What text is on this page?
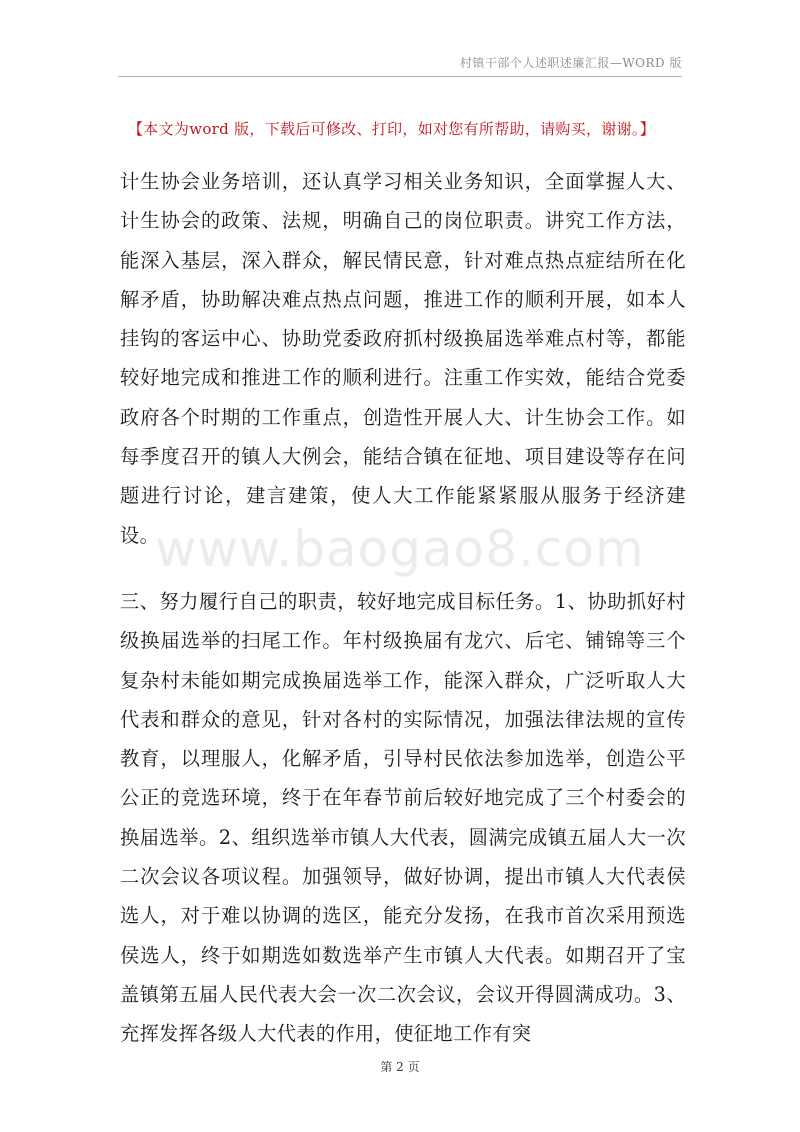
村镇干部个人述职述廉汇报—WORD 版
【本文为word 版，下载后可修改、打印，如对您有所帮助，请购买，谢谢。】
www.baogao8.com
计生协会业务培训，还认真学习相关业务知识，全面掌握人大、计生协会的政策、法规，明确自己的岗位职责。讲究工作方法，能深入基层，深入群众，解民情民意，针对难点热点症结所在化解矛盾，协助解决难点热点问题，推进工作的顺利开展，如本人挂钩的客运中心、协助党委政府抓村级换届选举难点村等，都能较好地完成和推进工作的顺利进行。注重工作实效，能结合党委政府各个时期的工作重点，创造性开展人大、计生协会工作。如每季度召开的镇人大例会，能结合镇在征地、项目建设等存在问题进行讨论，建言建策，使人大工作能紧紧服从服务于经济建设。
三、努力履行自己的职责，较好地完成目标任务。1、协助抓好村级换届选举的扫尾工作。年村级换届有龙穴、后宅、铺锦等三个复杂村未能如期完成换届选举工作，能深入群众，广泛听取人大代表和群众的意见，针对各村的实际情况，加强法律法规的宣传教育，以理服人，化解矛盾，引导村民依法参加选举，创造公平公正的竞选环境，终于在年春节前后较好地完成了三个村委会的换届选举。2、组织选举市镇人大代表，圆满完成镇五届人大一次二次会议各项议程。加强领导，做好协调，提出市镇人大代表侯选人，对于难以协调的选区，能充分发扬，在我市首次采用预选侯选人，终于如期选如数选举产生市镇人大代表。如期召开了宝盖镇第五届人民代表大会一次二次会议，会议开得圆满成功。3、充挥发挥各级人大代表的作用，使征地工作有突
第 2 页
